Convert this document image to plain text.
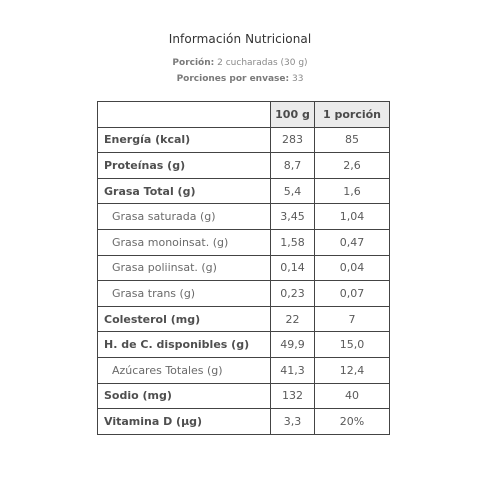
Información Nutricional
Porción: 2 cucharadas (30 g)
Porciones por envase: 33
	100 g	1 porción
Energía (kcal)	283	85
Proteínas (g)	8,7	2,6
Grasa Total (g)	5,4	1,6
Grasa saturada (g)	3,45	1,04
Grasa monoinsat. (g)	1,58	0,47
Grasa poliinsat. (g)	0,14	0,04
Grasa trans (g)	0,23	0,07
Colesterol (mg)	22	7
H. de C. disponibles (g)	49,9	15,0
Azúcares Totales (g)	41,3	12,4
Sodio (mg)	132	40
Vitamina D (µg)	3,3	20%
